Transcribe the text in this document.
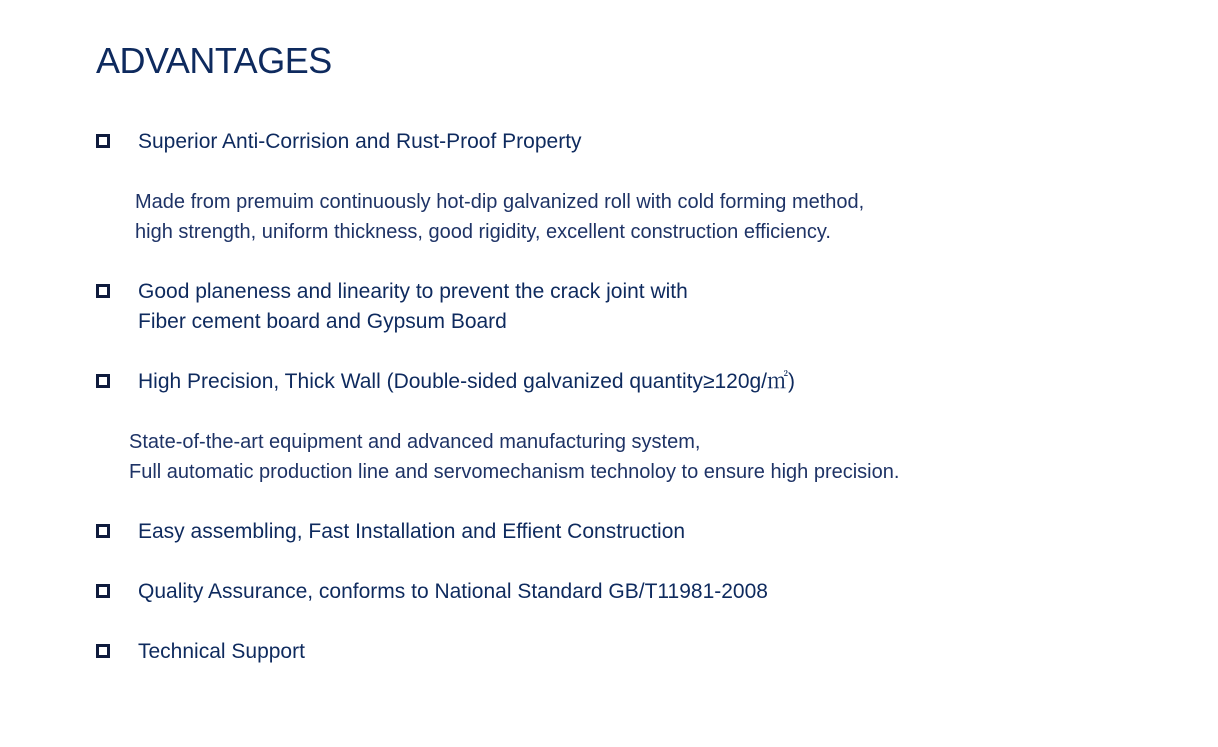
ADVANTAGES
Superior Anti-Corrision and Rust-Proof Property
Made from premuim continuously hot-dip galvanized roll with cold forming method,
high strength, uniform thickness, good rigidity, excellent construction efficiency.
Good planeness and linearity to prevent the crack joint with
Fiber cement board and Gypsum Board
High Precision, Thick Wall (Double-sided galvanized quantity≥120g/㎡)
State-of-the-art equipment and advanced manufacturing system,
Full automatic production line and servomechanism technoloy to ensure high precision.
Easy assembling, Fast Installation and Effient Construction
Quality Assurance, conforms to National Standard GB/T11981-2008
Technical Support
